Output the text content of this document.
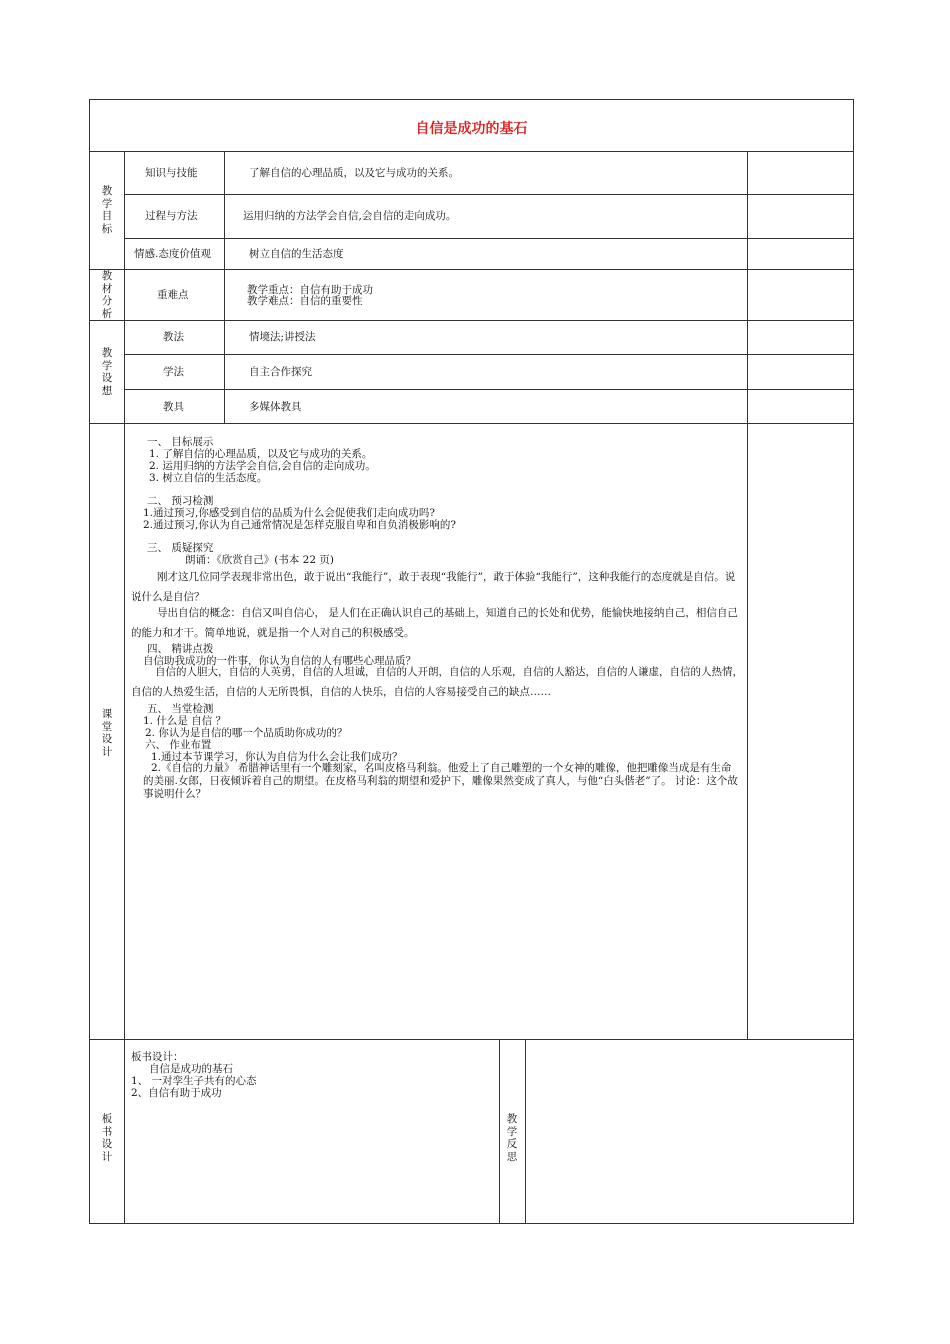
自信是成功的基石
教学目标
知识与技能	了解自信的心理品质，以及它与成功的关系。
过程与方法	运用归纳的方法学会自信,会自信的走向成功。
情感.态度价值观	树立自信的生活态度
教材分析
重难点	教学重点：自信有助于成功
教学难点：自信的重要性
教学设想
教法	情境法;讲授法
学法	自主合作探究
教具	多媒体教具
课堂设计
一、 目标展示
1. 了解自信的心理品质，以及它与成功的关系。
2. 运用归纳的方法学会自信,会自信的走向成功。
3. 树立自信的生活态度。
二、 预习检测
1.通过预习,你感受到自信的品质为什么会促使我们走向成功吗?
2.通过预习,你认为自己通常情况是怎样克服自卑和自负消极影响的?
三、 质疑探究
朗诵：《欣赏自己》(书本 22 页)
刚才这几位同学表现非常出色，敢于说出“我能行”，敢于表现“我能行”，敢于体验“我能行”，这种我能行的态度就是自信。说说什么是自信？
导出自信的概念：自信又叫自信心， 是人们在正确认识自己的基础上，知道自己的长处和优势，能愉快地接纳自己，相信自己的能力和才干。简单地说，就是指一个人对自己的积极感受。
四、 精讲点拨
自信助我成功的一件事，你认为自信的人有哪些心理品质？
自信的人胆大，自信的人英勇，自信的人坦诚，自信的人开朗，自信的人乐观，自信的人豁达，自信的人谦虚，自信的人热情，自信的人热爱生活，自信的人无所畏惧，自信的人快乐，自信的人容易接受自己的缺点……
五、 当堂检测
1. 什么是 自信 ？
2. 你认为是自信的哪一个品质助你成功的？
六、 作业布置
1.通过本节课学习，你认为自信为什么会让我们成功？
2.《自信的力量》 希腊神话里有一个雕刻家，名叫皮格马利翁。他爱上了自己雕塑的一个女神的雕像，他把雕像当成是有生命的美丽.女郎，日夜倾诉着自己的期望。在皮格马利翁的期望和爱护下，雕像果然变成了真人，与他“白头偕老”了。 讨论：这个故事说明什么？
板书设计
板书设计：
自信是成功的基石
1、 一对孪生子共有的心态
2、自信有助于成功
教学反思
